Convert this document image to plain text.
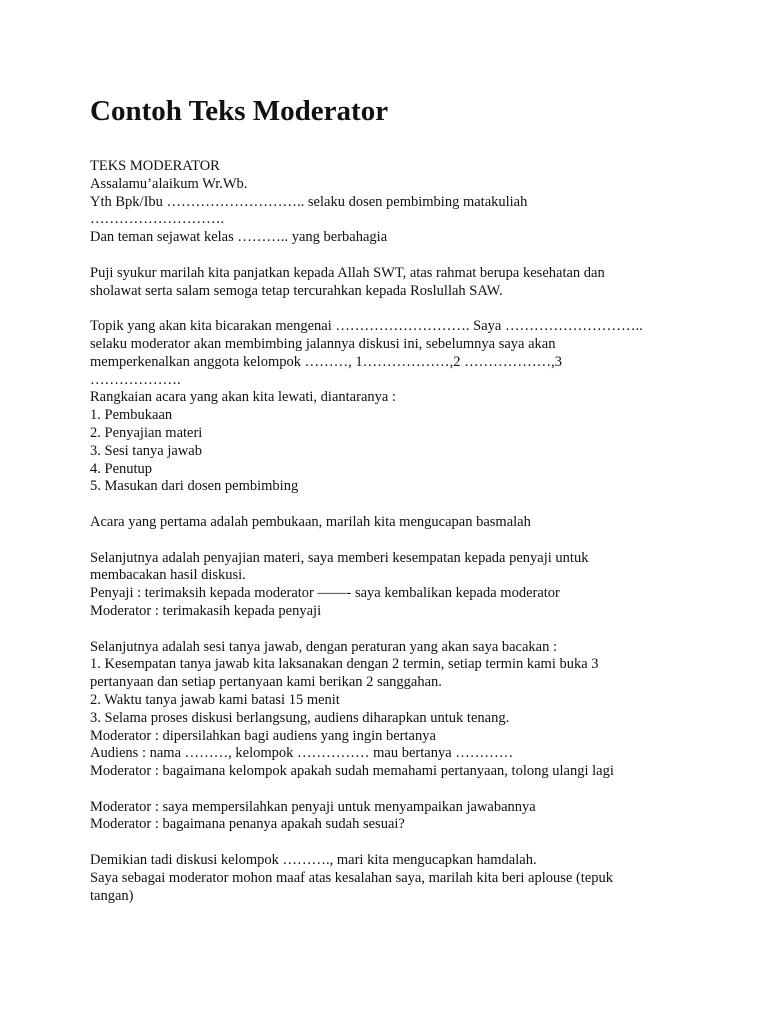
Contoh Teks Moderator
TEKS MODERATOR
Assalamu’alaikum Wr.Wb.
Yth Bpk/Ibu ……………………….. selaku dosen pembimbing matakuliah
……………………….
Dan teman sejawat kelas ……….. yang berbahagia
Puji syukur marilah kita panjatkan kepada Allah SWT, atas rahmat berupa kesehatan dan
sholawat serta salam semoga tetap tercurahkan kepada Roslullah SAW.
Topik yang akan kita bicarakan mengenai ………………………. Saya ………………………..
selaku moderator akan membimbing jalannya diskusi ini, sebelumnya saya akan
memperkenalkan anggota kelompok ………, 1………………,2 ………………,3
……………….
Rangkaian acara yang akan kita lewati, diantaranya :
1. Pembukaan
2. Penyajian materi
3. Sesi tanya jawab
4. Penutup
5. Masukan dari dosen pembimbing
Acara yang pertama adalah pembukaan, marilah kita mengucapan basmalah
Selanjutnya adalah penyajian materi, saya memberi kesempatan kepada penyaji untuk
membacakan hasil diskusi.
Penyaji : terimaksih kepada moderator ——- saya kembalikan kepada moderator
Moderator : terimakasih kepada penyaji
Selanjutnya adalah sesi tanya jawab, dengan peraturan yang akan saya bacakan :
1. Kesempatan tanya jawab kita laksanakan dengan 2 termin, setiap termin kami buka 3
pertanyaan dan setiap pertanyaan kami berikan 2 sanggahan.
2. Waktu tanya jawab kami batasi 15 menit
3. Selama proses diskusi berlangsung, audiens diharapkan untuk tenang.
Moderator : dipersilahkan bagi audiens yang ingin bertanya
Audiens : nama ………, kelompok …………… mau bertanya …………
Moderator : bagaimana kelompok apakah sudah memahami pertanyaan, tolong ulangi lagi
Moderator : saya mempersilahkan penyaji untuk menyampaikan jawabannya
Moderator : bagaimana penanya apakah sudah sesuai?
Demikian tadi diskusi kelompok ………., mari kita mengucapkan hamdalah.
Saya sebagai moderator mohon maaf atas kesalahan saya, marilah kita beri aplouse (tepuk
tangan)
